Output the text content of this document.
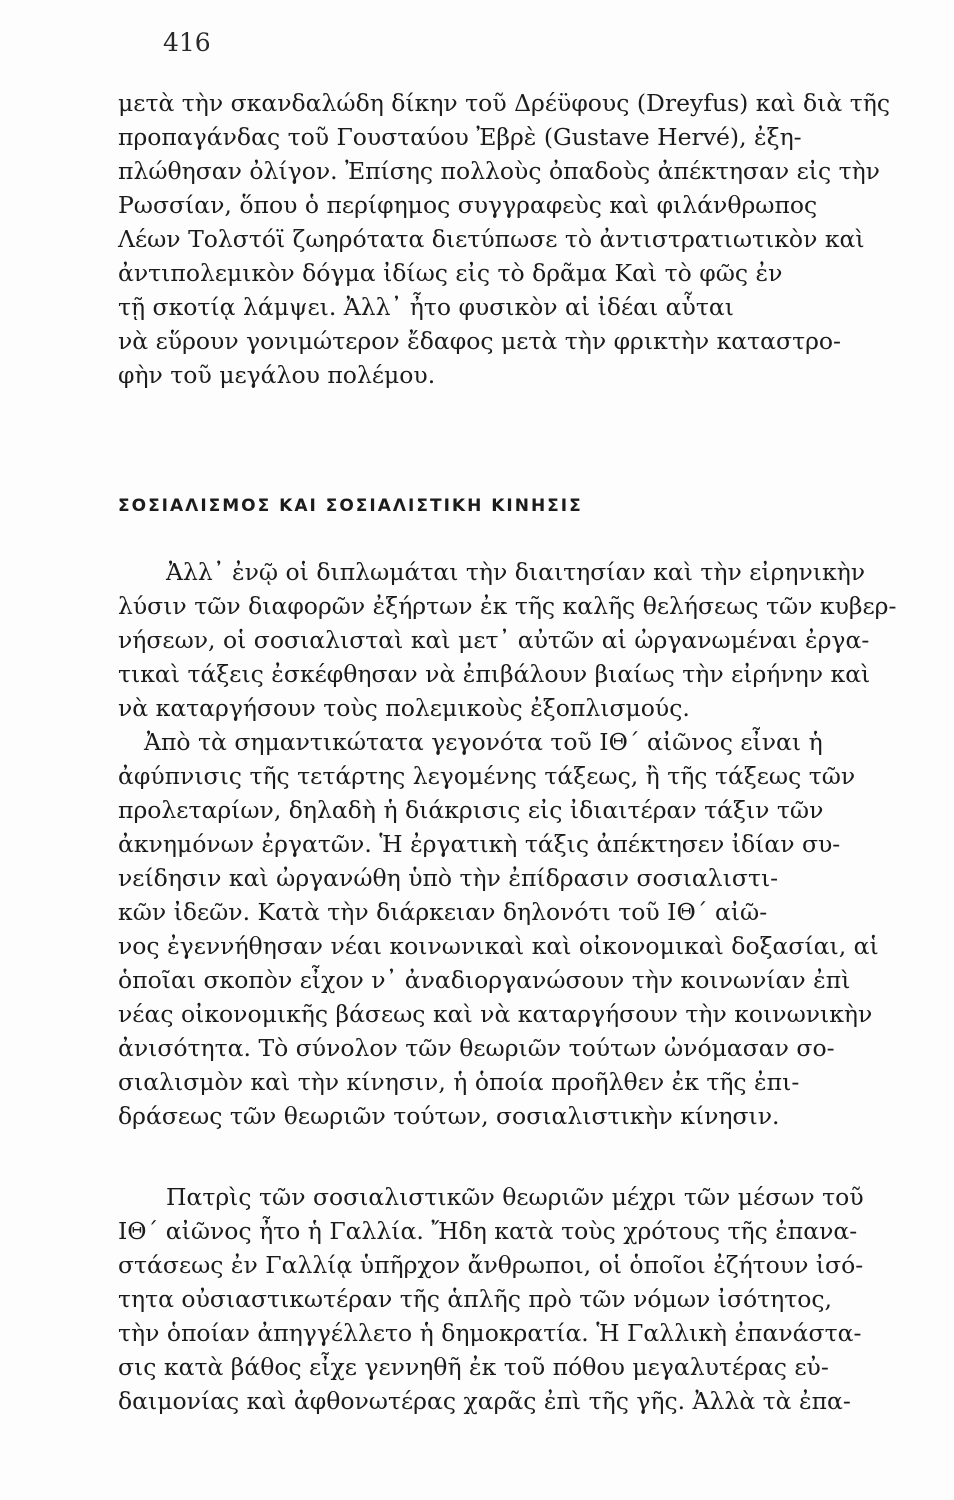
416
μετὰ τὴν σκανδαλώδη δίκην τοῦ Δρέϋφους (Dreyfus) καὶ διὰ τῆς
προπαγάνδας τοῦ Γουσταύου Ἐβρὲ (Gustave Hervé), ἐξη-
πλώθησαν ὀλίγον. Ἐπίσης πολλοὺς ὀπαδοὺς ἀπέκτησαν εἰς τὴν
Ρωσσίαν, ὅπου ὁ περίφημος συγγραφεὺς καὶ φιλάνθρωπος
Λέων Τολστόϊ ζωηρότατα διετύπωσε τὸ ἀντιστρατιωτικὸν καὶ
ἀντιπολεμικὸν δόγμα ἰδίως εἰς τὸ δρᾶμα Καὶ τὸ φῶς ἐν
τῇ σκοτίᾳ λάμψει. Ἀλλ᾽ ἦτο φυσικὸν αἱ ἰδέαι αὗται
νὰ εὕρουν γονιμώτερον ἔδαφος μετὰ τὴν φρικτὴν καταστρο-
φὴν τοῦ μεγάλου πολέμου.
ΣΟΣΙΑΛΙΣΜΟΣ ΚΑΙ ΣΟΣΙΑΛΙΣΤΙΚΗ ΚΙΝΗΣΙΣ
Ἀλλ᾽ ἐνῷ οἱ διπλωμάται τὴν διαιτησίαν καὶ τὴν εἰρηνικὴν
λύσιν τῶν διαφορῶν ἐξήρτων ἐκ τῆς καλῆς θελήσεως τῶν κυβερ-
νήσεων, οἱ σοσιαλισταὶ καὶ μετ᾽ αὐτῶν αἱ ὠργανωμέναι ἐργα-
τικαὶ τάξεις ἐσκέφθησαν νὰ ἐπιβάλουν βιαίως τὴν εἰρήνην καὶ
νὰ καταργήσουν τοὺς πολεμικοὺς ἐξοπλισμούς.
Ἀπὸ τὰ σημαντικώτατα γεγονότα τοῦ ΙΘ΄ αἰῶνος εἶναι ἡ
ἀφύπνισις τῆς τετάρτης λεγομένης τάξεως, ἢ τῆς τάξεως τῶν
προλεταρίων, δηλαδὴ ἡ διάκρισις εἰς ἰδιαιτέραν τάξιν τῶν
ἀκνημόνων ἐργατῶν. Ἡ ἐργατικὴ τάξις ἀπέκτησεν ἰδίαν συ-
νείδησιν καὶ ὠργανώθη ὑπὸ τὴν ἐπίδρασιν σοσιαλιστι-
κῶν ἰδεῶν. Κατὰ τὴν διάρκειαν δηλονότι τοῦ ΙΘ΄ αἰῶ-
νος ἐγεννήθησαν νέαι κοινωνικαὶ καὶ οἰκονομικαὶ δοξασίαι, αἱ
ὁποῖαι σκοπὸν εἶχον ν᾽ ἀναδιοργανώσουν τὴν κοινωνίαν ἐπὶ
νέας οἰκονομικῆς βάσεως καὶ νὰ καταργήσουν τὴν κοινωνικὴν
ἀνισότητα. Τὸ σύνολον τῶν θεωριῶν τούτων ὠνόμασαν σο-
σιαλισμὸν καὶ τὴν κίνησιν, ἡ ὁποία προῆλθεν ἐκ τῆς ἐπι-
δράσεως τῶν θεωριῶν τούτων, σοσιαλιστικὴν κίνησιν.
Πατρὶς τῶν σοσιαλιστικῶν θεωριῶν μέχρι τῶν μέσων τοῦ
ΙΘ΄ αἰῶνος ἦτο ἡ Γαλλία. Ἤδη κατὰ τοὺς χρότους τῆς ἐπανα-
στάσεως ἐν Γαλλίᾳ ὑπῆρχον ἄνθρωποι, οἱ ὁποῖοι ἐζήτουν ἰσό-
τητα οὐσιαστικωτέραν τῆς ἁπλῆς πρὸ τῶν νόμων ἰσότητος,
τὴν ὁποίαν ἀπηγγέλλετο ἡ δημοκρατία. Ἡ Γαλλικὴ ἐπανάστα-
σις κατὰ βάθος εἶχε γεννηθῆ ἐκ τοῦ πόθου μεγαλυτέρας εὐ-
δαιμονίας καὶ ἀφθονωτέρας χαρᾶς ἐπὶ τῆς γῆς. Ἀλλὰ τὰ ἐπα-
